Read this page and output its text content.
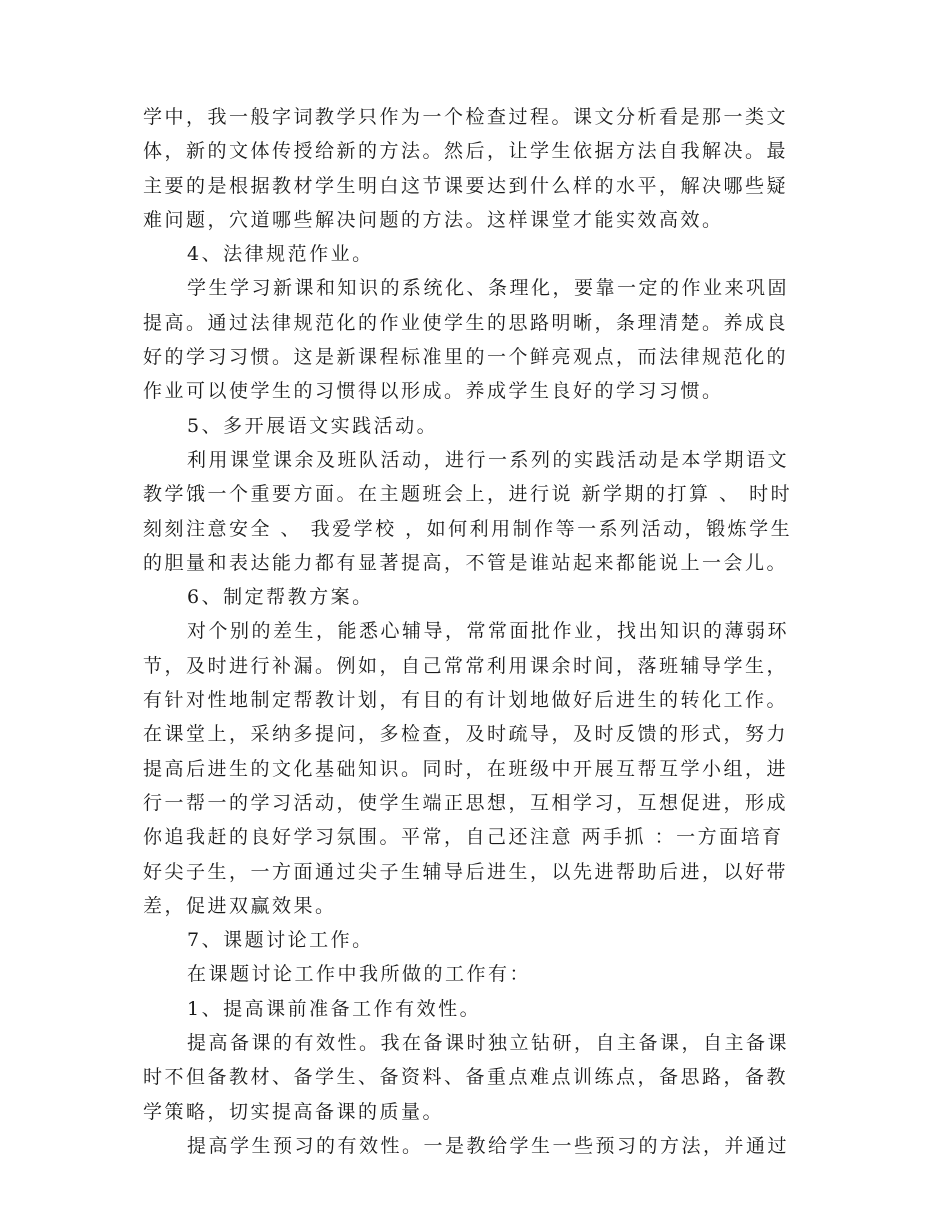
学中，我一般字词教学只作为一个检查过程。课文分析看是那一类文
体，新的文体传授给新的方法。然后，让学生依据方法自我解决。最
主要的是根据教材学生明白这节课要达到什么样的水平，解决哪些疑
难问题，穴道哪些解决问题的方法。这样课堂才能实效高效。
4、法律规范作业。
学生学习新课和知识的系统化、条理化，要靠一定的作业来巩固
提高。通过法律规范化的作业使学生的思路明晰，条理清楚。养成良
好的学习习惯。这是新课程标准里的一个鲜亮观点，而法律规范化的
作业可以使学生的习惯得以形成。养成学生良好的学习习惯。
5、多开展语文实践活动。
利用课堂课余及班队活动，进行一系列的实践活动是本学期语文
教学饿一个重要方面。在主题班会上，进行说 新学期的打算 、 时时
刻刻注意安全 、 我爱学校 ，如何利用制作等一系列活动，锻炼学生
的胆量和表达能力都有显著提高，不管是谁站起来都能说上一会儿。
6、制定帮教方案。
对个别的差生，能悉心辅导，常常面批作业，找出知识的薄弱环
节，及时进行补漏。例如，自己常常利用课余时间，落班辅导学生，
有针对性地制定帮教计划，有目的有计划地做好后进生的转化工作。
在课堂上，采纳多提问，多检查，及时疏导，及时反馈的形式，努力
提高后进生的文化基础知识。同时，在班级中开展互帮互学小组，进
行一帮一的学习活动，使学生端正思想，互相学习，互想促进，形成
你追我赶的良好学习氛围。平常，自己还注意 两手抓 ：一方面培育
好尖子生，一方面通过尖子生辅导后进生，以先进帮助后进，以好带
差，促进双赢效果。
7、课题讨论工作。
在课题讨论工作中我所做的工作有：
1、提高课前准备工作有效性。
提高备课的有效性。我在备课时独立钻研，自主备课，自主备课
时不但备教材、备学生、备资料、备重点难点训练点，备思路，备教
学策略，切实提高备课的质量。
提高学生预习的有效性。一是教给学生一些预习的方法，并通过
